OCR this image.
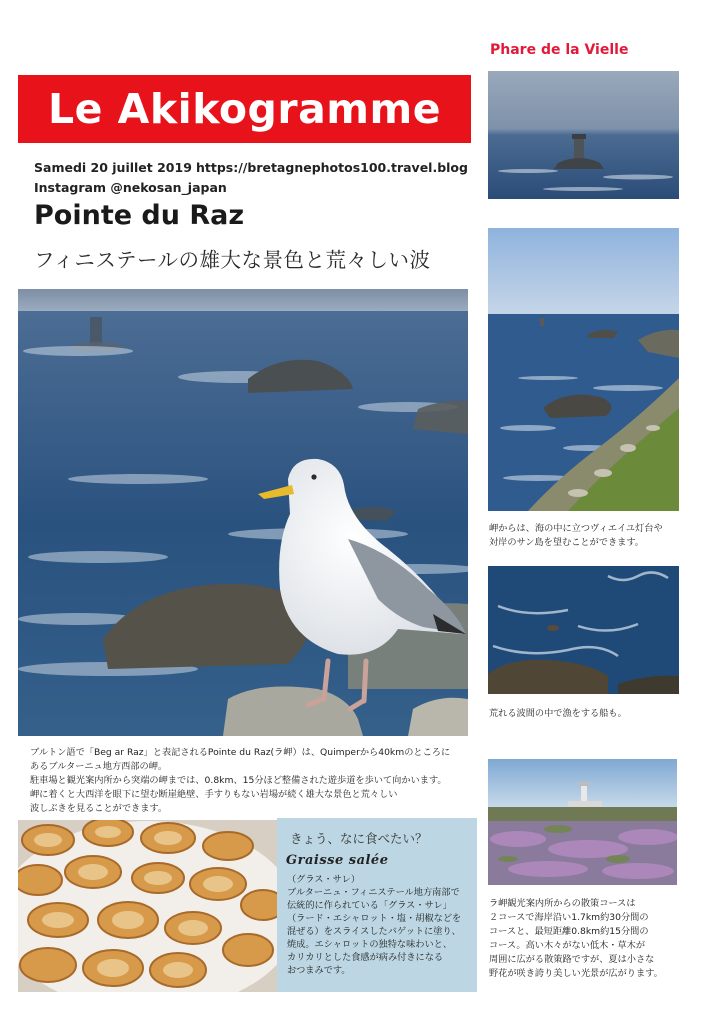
Phare de la Vielle
Le Akikogramme
Samedi 20 juillet 2019 https://bretagnephotos100.travel.blog
Instagram @nekosan_japan
Pointe du Raz
フィニステールの雄大な景色と荒々しい波
ブルトン語で「Beg ar Raz」と表記されるPointe du Raz(ラ岬）は、Quimperから40kmのところに
あるブルターニュ地方西部の岬。
駐車場と観光案内所から突端の岬までは、0.8km、15分ほど整備された遊歩道を歩いて向かいます。
岬に着くと大西洋を眼下に望む断崖絶壁、手すりもない岩場が続く雄大な景色と荒々しい
波しぶきを見ることができます。
きょう、なに食べたい？
Graisse salée
（グラス・サレ）
ブルターニュ・フィニステール地方南部で
伝統的に作られている「グラス・サレ」
（ラード・エシャロット・塩・胡椒などを
混ぜる）をスライスしたバゲットに塗り、
焼成。エシャロットの独特な味わいと、
カリカリとした食感が病み付きになる
おつまみです。
岬からは、海の中に立つヴィエイユ灯台や
対岸のサン島を望むことができます。
荒れる波間の中で漁をする船も。
ラ岬観光案内所からの散策コースは
２コースで海岸沿い1.7km約30分間の
コースと、最短距離0.8km約15分間の
コース。高い木々がない低木・草木が
周囲に広がる散策路ですが、夏は小さな
野花が咲き誇り美しい光景が広がります。
